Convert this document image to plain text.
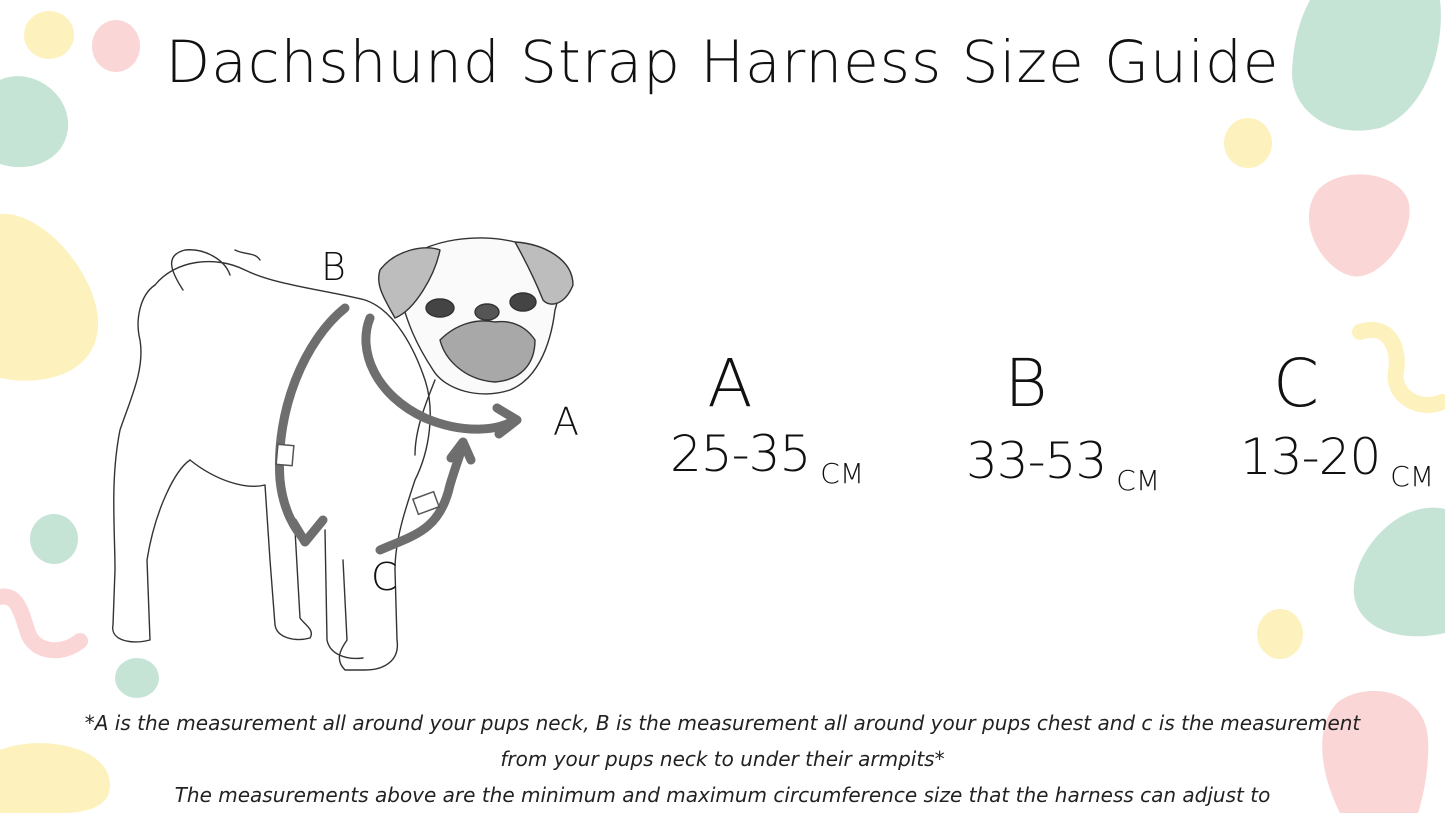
Dachshund Strap Harness Size Guide
B
A
C
A
25-35 $_{CM}$
B
33-53 $_{CM}$
C
13-20 $_{CM}$
*A is the measurement all around your pups neck, B is the measurement all around your pups chest and c is the measurement
from your pups neck to under their armpits*
The measurements above are the minimum and maximum circumference size that the harness can adjust to
